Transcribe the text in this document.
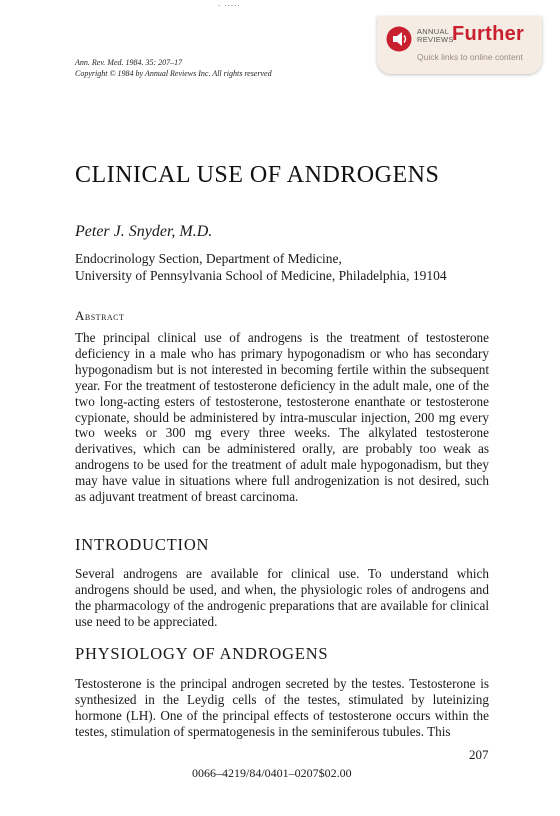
· ·····
ANNUAL
REVIEWS
Further
Quick links to online content
Ann. Rev. Med. 1984. 35: 207–17
Copyright © 1984 by Annual Reviews Inc. All rights reserved
CLINICAL USE OF ANDROGENS
Peter J. Snyder, M.D.
Endocrinology Section, Department of Medicine,
University of Pennsylvania School of Medicine, Philadelphia, 19104
Abstract
The principal clinical use of androgens is the treatment of testosterone deficiency in a male who has primary hypogonadism or who has secondary hypogonadism but is not interested in becoming fertile within the subsequent year. For the treatment of testosterone deficiency in the adult male, one of the two long-acting esters of testosterone, testosterone enanthate or testosterone cypionate, should be administered by intra-muscular injection, 200 mg every two weeks or 300 mg every three weeks. The alkylated testosterone derivatives, which can be administered orally, are probably too weak as androgens to be used for the treatment of adult male hypogonadism, but they may have value in situations where full androgenization is not desired, such as adjuvant treatment of breast carcinoma.
INTRODUCTION
Several androgens are available for clinical use. To understand which androgens should be used, and when, the physiologic roles of androgens and the pharmacology of the androgenic preparations that are available for clinical use need to be appreciated.
PHYSIOLOGY OF ANDROGENS
Testosterone is the principal androgen secreted by the testes. Testosterone is synthesized in the Leydig cells of the testes, stimulated by luteinizing hormone (LH). One of the principal effects of testosterone occurs within the testes, stimulation of spermatogenesis in the seminiferous tubules. This
207
0066–4219/84/0401–0207$02.00
